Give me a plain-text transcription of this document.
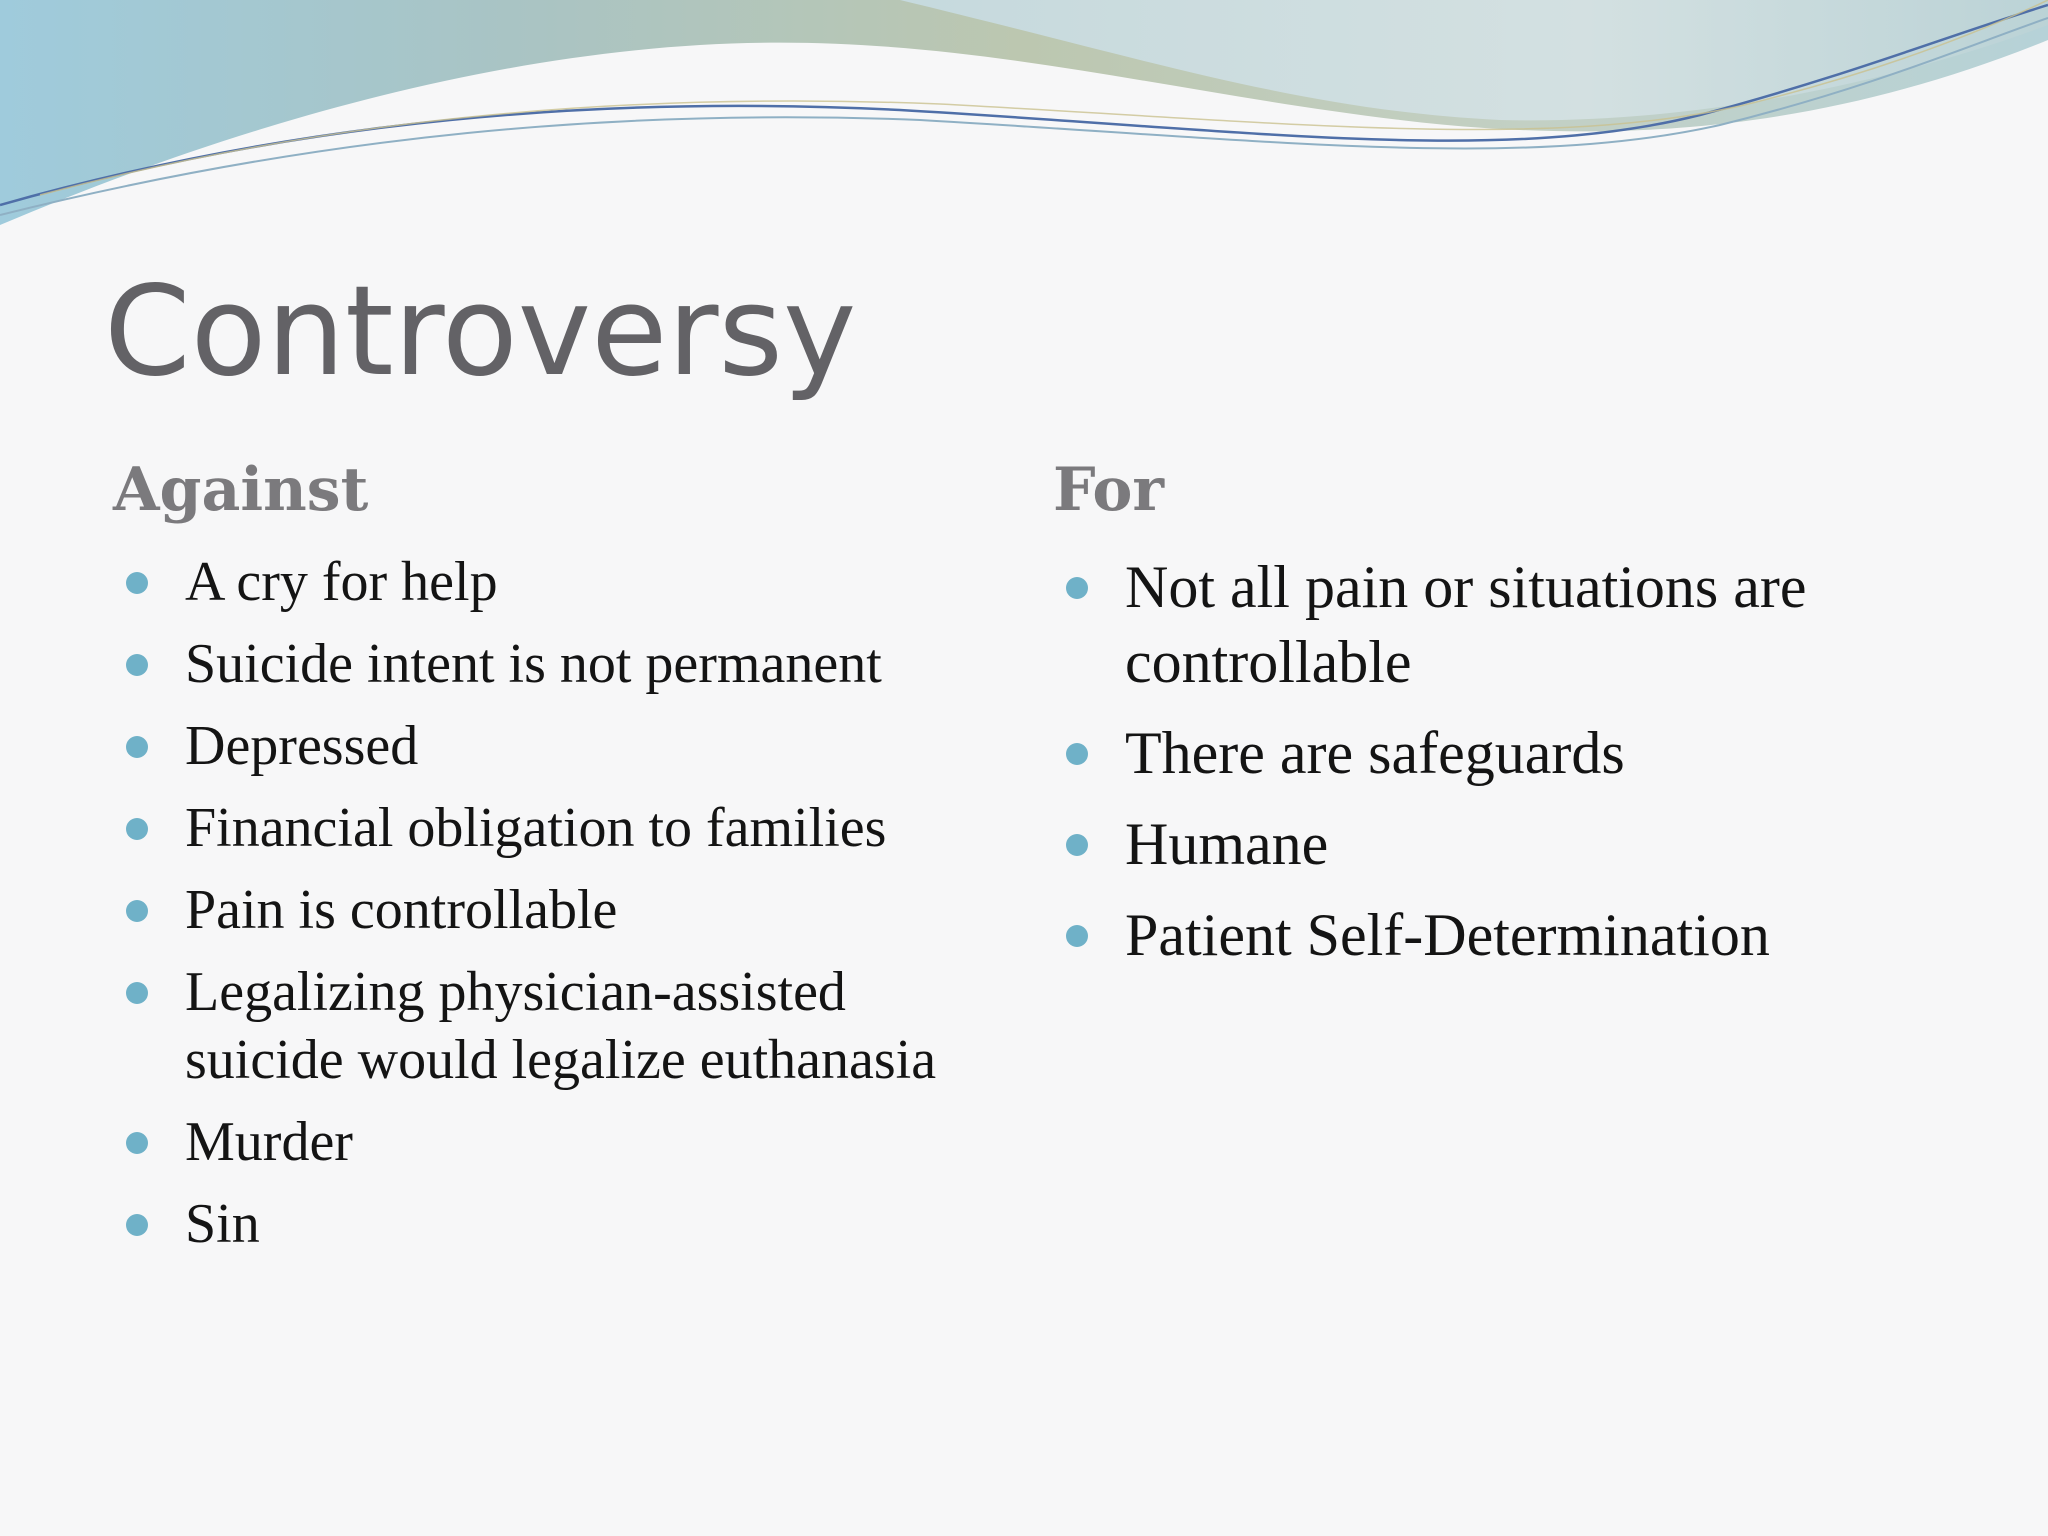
Controversy
Against
A cry for help
Suicide intent is not permanent
Depressed
Financial obligation to families
Pain is controllable
Legalizing physician-assisted suicide would legalize euthanasia
Murder
Sin
For
Not all pain or situations are controllable
There are safeguards
Humane
Patient Self-Determination
